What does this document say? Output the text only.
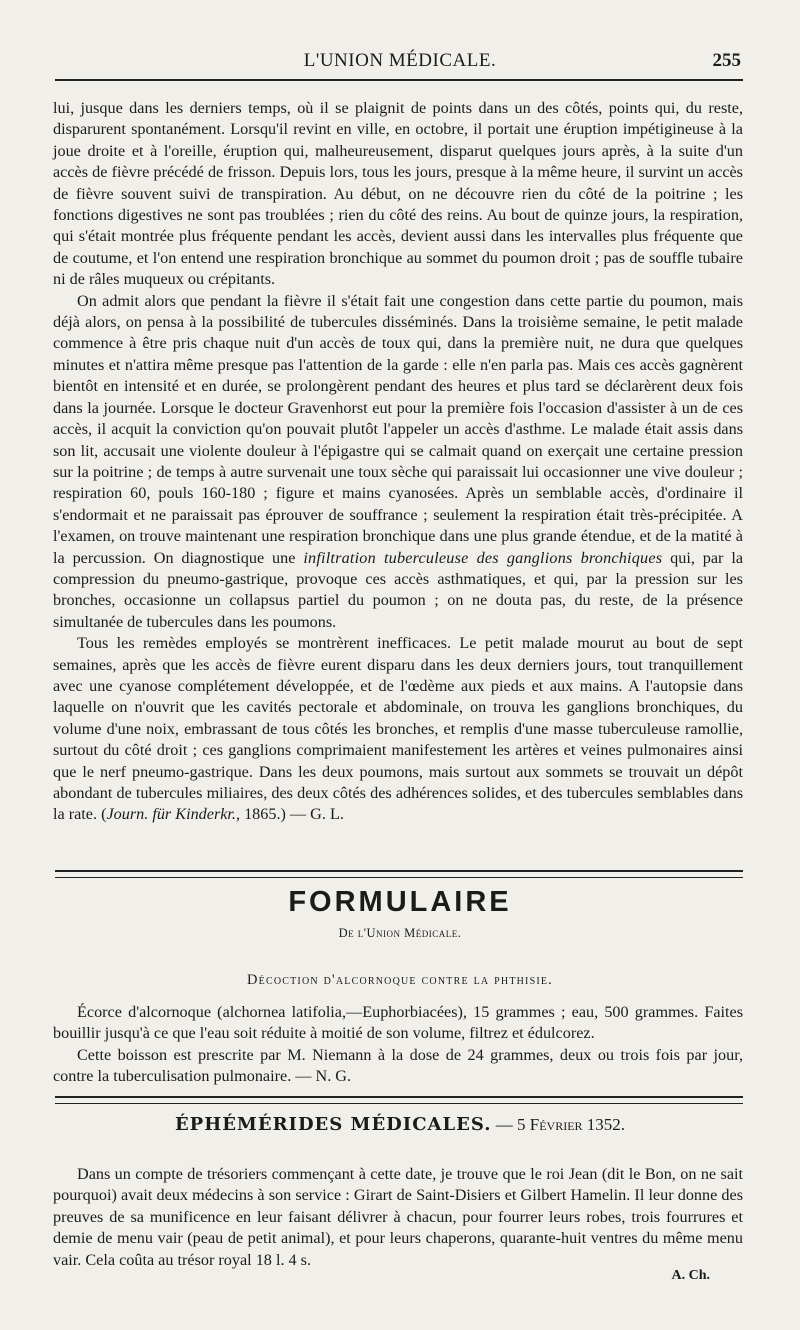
L'UNION MÉDICALE.	255

lui, jusque dans les derniers temps, où il se plaignit de points dans un des côtés, points qui, du reste, disparurent spontanément. Lorsqu'il revint en ville, en octobre, il portait une éruption impétigineuse à la joue droite et à l'oreille, éruption qui, malheureusement, disparut quelques jours après, à la suite d'un accès de fièvre précédé de frisson. Depuis lors, tous les jours, presque à la même heure, il survint un accès de fièvre souvent suivi de transpiration. Au début, on ne découvre rien du côté de la poitrine ; les fonctions digestives ne sont pas troublées ; rien du côté des reins. Au bout de quinze jours, la respiration, qui s'était montrée plus fréquente pendant les accès, devient aussi dans les intervalles plus fréquente que de coutume, et l'on entend une respiration bronchique au sommet du poumon droit ; pas de souffle tubaire ni de râles muqueux ou crépitants.

On admit alors que pendant la fièvre il s'était fait une congestion dans cette partie du poumon, mais déjà alors, on pensa à la possibilité de tubercules disséminés. Dans la troisième semaine, le petit malade commence à être pris chaque nuit d'un accès de toux qui, dans la première nuit, ne dura que quelques minutes et n'attira même presque pas l'attention de la garde : elle n'en parla pas. Mais ces accès gagnèrent bientôt en intensité et en durée, se prolongèrent pendant des heures et plus tard se déclarèrent deux fois dans la journée. Lorsque le docteur Gravenhorst eut pour la première fois l'occasion d'assister à un de ces accès, il acquit la conviction qu'on pouvait plutôt l'appeler un accès d'asthme. Le malade était assis dans son lit, accusait une violente douleur à l'épigastre qui se calmait quand on exerçait une certaine pression sur la poitrine ; de temps à autre survenait une toux sèche qui paraissait lui occasionner une vive douleur ; respiration 60, pouls 160-180 ; figure et mains cyanosées. Après un semblable accès, d'ordinaire il s'endormait et ne paraissait pas éprouver de souffrance ; seulement la respiration était très-précipitée. A l'examen, on trouve maintenant une respiration bronchique dans une plus grande étendue, et de la matité à la percussion. On diagnostique une infiltration tuberculeuse des ganglions bronchiques qui, par la compression du pneumo-gastrique, provoque ces accès asthmatiques, et qui, par la pression sur les bronches, occasionne un collapsus partiel du poumon ; on ne douta pas, du reste, de la présence simultanée de tubercules dans les poumons.

Tous les remèdes employés se montrèrent inefficaces. Le petit malade mourut au bout de sept semaines, après que les accès de fièvre eurent disparu dans les deux derniers jours, tout tranquillement avec une cyanose complétement développée, et de l'œdème aux pieds et aux mains. A l'autopsie dans laquelle on n'ouvrit que les cavités pectorale et abdominale, on trouva les ganglions bronchiques, du volume d'une noix, embrassant de tous côtés les bronches, et remplis d'une masse tuberculeuse ramollie, surtout du côté droit ; ces ganglions comprimaient manifestement les artères et veines pulmonaires ainsi que le nerf pneumo-gastrique. Dans les deux poumons, mais surtout aux sommets se trouvait un dépôt abondant de tubercules miliaires, des deux côtés des adhérences solides, et des tubercules semblables dans la rate. (Journ. für Kinderkr., 1865.) — G. L.

FORMULAIRE
De l'Union Médicale.
Décoction d'alcornoque contre la phthisie.

Écorce d'alcornoque (alchornea latifolia,—Euphorbiacées), 15 grammes ; eau, 500 grammes. Faites bouillir jusqu'à ce que l'eau soit réduite à moitié de son volume, filtrez et édulcorez.

Cette boisson est prescrite par M. Niemann à la dose de 24 grammes, deux ou trois fois par jour, contre la tuberculisation pulmonaire. — N. G.

ÉPHÉMÉRIDES MÉDICALES. — 5 Février 1352.

Dans un compte de trésoriers commençant à cette date, je trouve que le roi Jean (dit le Bon, on ne sait pourquoi) avait deux médecins à son service : Girart de Saint-Disiers et Gilbert Hamelin. Il leur donne des preuves de sa munificence en leur faisant délivrer à chacun, pour fourrer leurs robes, trois fourrures et demie de menu vair (peau de petit animal), et pour leurs chaperons, quarante-huit ventres du même menu vair. Cela coûta au trésor royal 18 l. 4 s.

A. Ch.
